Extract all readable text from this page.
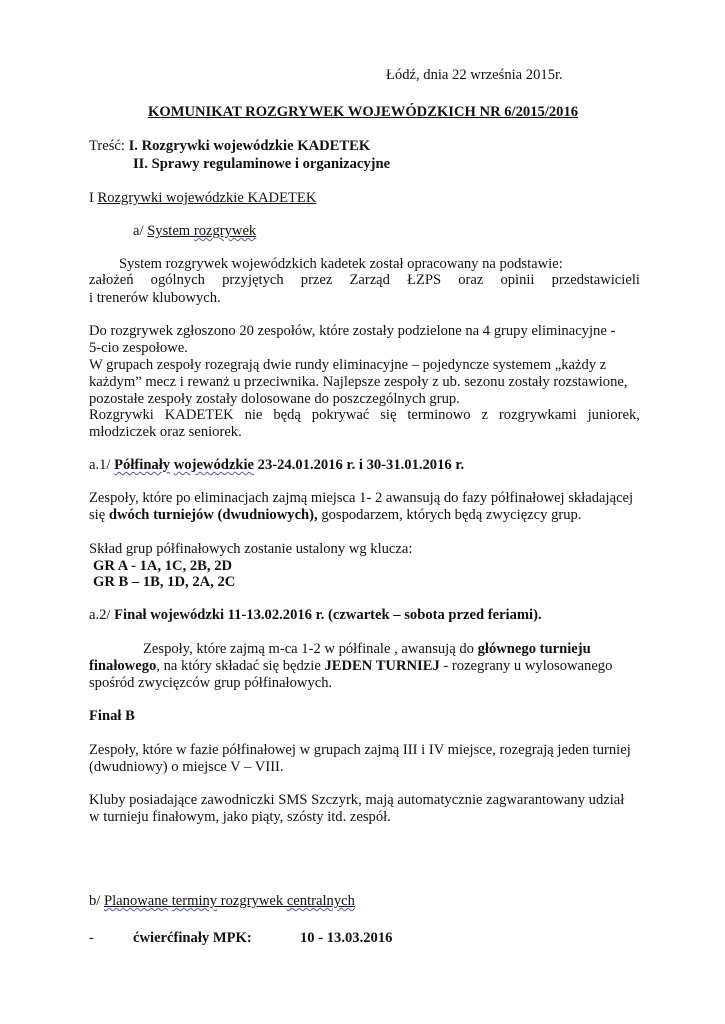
Łódź, dnia 22 września 2015r.
KOMUNIKAT ROZGRYWEK WOJEWÓDZKICH NR 6/2015/2016
Treść: I. Rozgrywki wojewódzkie KADETEK
II. Sprawy regulaminowe i organizacyjne
I Rozgrywki wojewódzkie KADETEK
a/ System rozgrywek
System rozgrywek wojewódzkich kadetek został opracowany na podstawie:
założeń ogólnych przyjętych przez Zarząd ŁZPS oraz opinii przedstawicieli
i trenerów klubowych.
Do rozgrywek zgłoszono 20 zespołów, które zostały podzielone na 4 grupy eliminacyjne -
5-cio zespołowe.
W grupach zespoły rozegrają dwie rundy eliminacyjne – pojedyncze systemem „każdy z
każdym” mecz i rewanż u przeciwnika. Najlepsze zespoły z ub. sezonu zostały rozstawione,
pozostałe zespoły zostały dolosowane do poszczególnych grup.
Rozgrywki KADETEK nie będą pokrywać się terminowo z rozgrywkami juniorek,
młodziczek oraz seniorek.
a.1/ Półfinały wojewódzkie 23-24.01.2016 r. i 30-31.01.2016 r.
Zespoły, które po eliminacjach zajmą miejsca 1- 2 awansują do fazy półfinałowej składającej
się dwóch turniejów (dwudniowych), gospodarzem, których będą zwycięzcy grup.
Skład grup półfinałowych zostanie ustalony wg klucza:
GR A - 1A, 1C, 2B, 2D
GR B – 1B, 1D, 2A, 2C
a.2/ Finał wojewódzki 11-13.02.2016 r. (czwartek – sobota przed feriami).
Zespoły, które zajmą m-ca 1-2 w półfinale , awansują do głównego turnieju
finałowego, na który składać się będzie JEDEN TURNIEJ - rozegrany u wylosowanego
spośród zwycięzców grup półfinałowych.
Finał B
Zespoły, które w fazie półfinałowej w grupach zajmą III i IV miejsce, rozegrają jeden turniej
(dwudniowy) o miejsce V – VIII.
Kluby posiadające zawodniczki SMS Szczyrk, mają automatycznie zagwarantowany udział
w turnieju finałowym, jako piąty, szósty itd. zespół.
b/ Planowane terminy rozgrywek centralnych
-	ćwierćfinały MPK:	10 - 13.03.2016
